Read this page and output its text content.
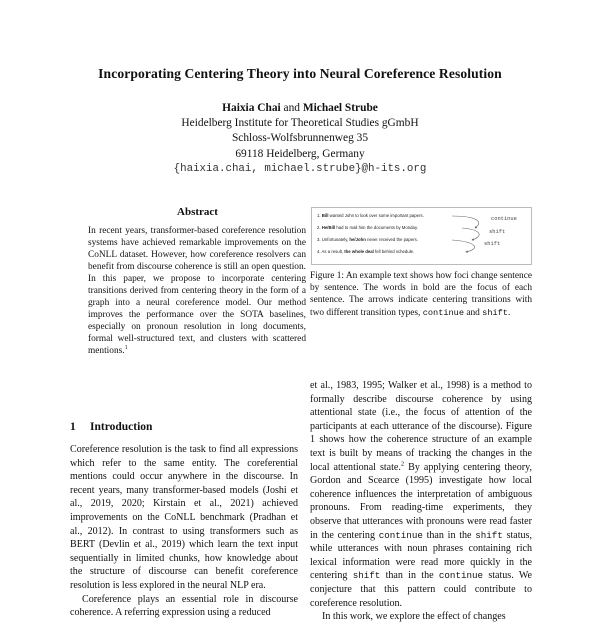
Incorporating Centering Theory into Neural Coreference Resolution
Haixia Chai and Michael Strube
Heidelberg Institute for Theoretical Studies gGmbH
Schloss-Wolfsbrunnenweg 35
69118 Heidelberg, Germany
{haixia.chai, michael.strube}@h-its.org
Abstract
In recent years, transformer-based coreference resolution systems have achieved remarkable improvements on the CoNLL dataset. However, how coreference resolvers can benefit from discourse coherence is still an open question. In this paper, we propose to incorporate centering transitions derived from centering theory in the form of a graph into a neural coreference model. Our method improves the performance over the SOTA baselines, especially on pronoun resolution in long documents, formal well-structured text, and clusters with scattered mentions.$^1$
1 Introduction

Coreference resolution is the task to find all expressions which refer to the same entity. The coreferential mentions could occur anywhere in the discourse. In recent years, many transformer-based models (Joshi et al., 2019, 2020; Kirstain et al., 2021) achieved improvements on the CoNLL benchmark (Pradhan et al., 2012). In contrast to using transformers such as BERT (Devlin et al., 2019) which learn the text input sequentially in limited chunks, how knowledge about the structure of discourse can benefit coreference resolution is less explored in the neural NLP era.

Coreference plays an essential role in discourse coherence. A referring expression using a reduced

1. Bill wanted John to look over some important papers.
2. He/Bill had to mail him the documents by Monday.
3. Unfortunately, he/John never received the papers.
4. As a result, the whole deal fell behind schedule.
continue
shift
shift
Figure 1: An example text shows how foci change sentence by sentence. The words in bold are the focus of each sentence. The arrows indicate centering transitions with two different transition types, continue and shift.

et al., 1983, 1995; Walker et al., 1998) is a method to formally describe discourse coherence by using attentional state (i.e., the focus of attention of the participants at each utterance of the discourse). Figure 1 shows how the coherence structure of an example text is built by means of tracking the changes in the local attentional state.$^2$ By applying centering theory, Gordon and Scearce (1995) investigate how local coherence influences the interpretation of ambiguous pronouns. From reading-time experiments, they observe that utterances with pronouns were read faster in the centering continue than in the shift status, while utterances with noun phrases containing rich lexical information were read more quickly in the centering shift than in the continue status. We conjecture that this pattern could contribute to coreference resolution.

In this work, we explore the effect of changes
